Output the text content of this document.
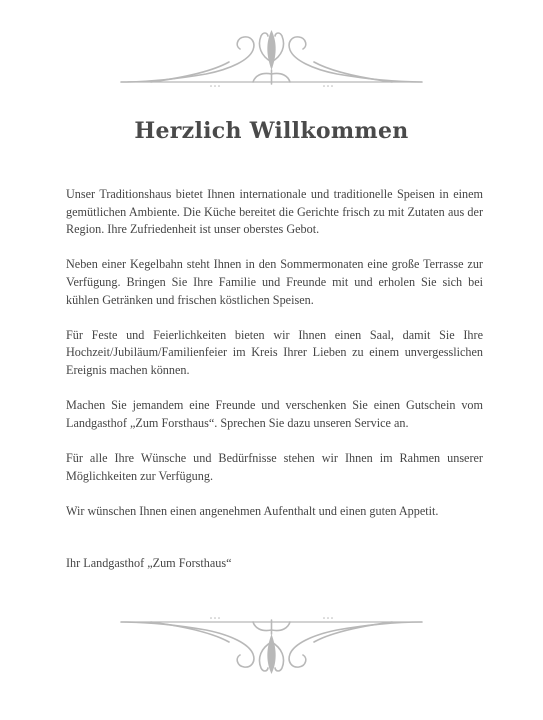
Herzlich Willkommen

Unser Traditionshaus bietet Ihnen internationale und traditionelle Speisen in einem gemütlichen Ambiente. Die Küche bereitet die Gerichte frisch zu mit Zutaten aus der Region. Ihre Zufriedenheit ist unser oberstes Gebot.

Neben einer Kegelbahn steht Ihnen in den Sommermonaten eine große Terrasse zur Verfügung. Bringen Sie Ihre Familie und Freunde mit und erholen Sie sich bei kühlen Getränken und frischen köstlichen Speisen.

Für Feste und Feierlichkeiten bieten wir Ihnen einen Saal, damit Sie Ihre Hochzeit/Jubiläum/Familienfeier im Kreis Ihrer Lieben zu einem unvergesslichen Ereignis machen können.

Machen Sie jemandem eine Freunde und verschenken Sie einen Gutschein vom Landgasthof „Zum Forsthaus“. Sprechen Sie dazu unseren Service an.

Für alle Ihre Wünsche und Bedürfnisse stehen wir Ihnen im Rahmen unserer Möglichkeiten zur Verfügung.

Wir wünschen Ihnen einen angenehmen Aufenthalt und einen guten Appetit.

Ihr Landgasthof „Zum Forsthaus“
